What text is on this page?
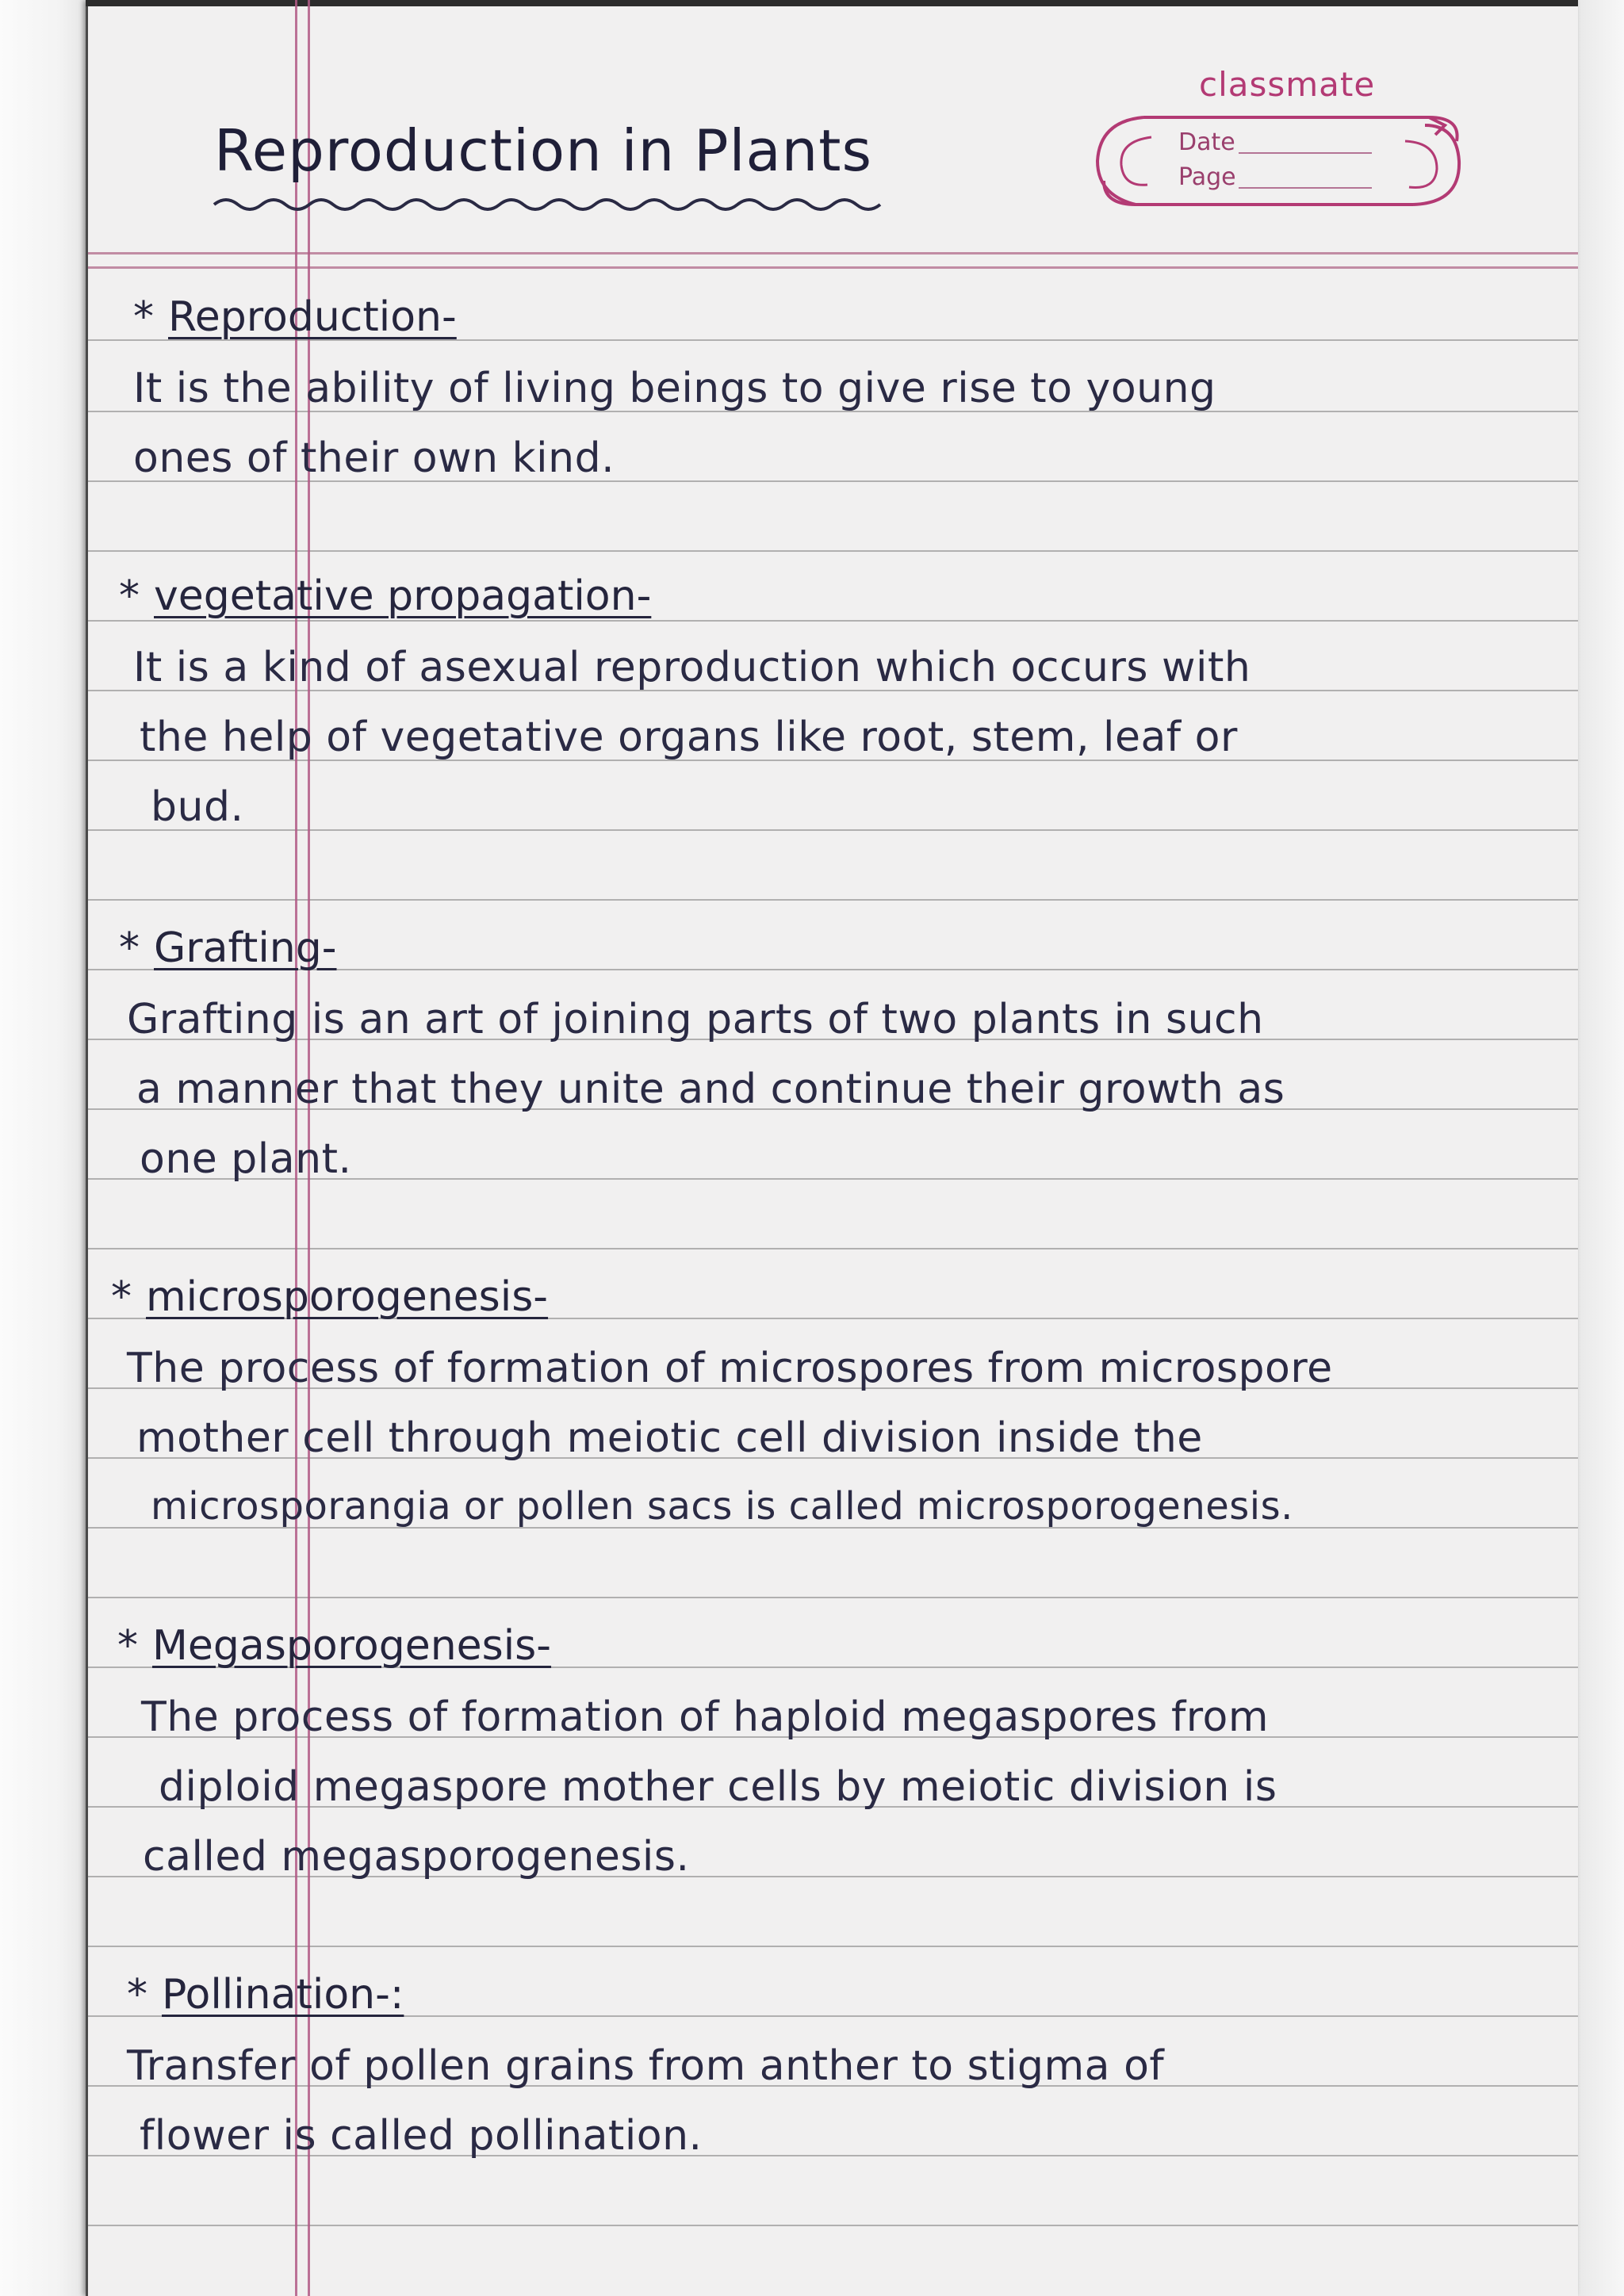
Reproduction in Plants
classmate
Date
Page
* Reproduction-
It is the ability of living beings to give rise to young
ones of their own kind.
* vegetative propagation-
It is a kind of asexual reproduction which occurs with
the help of vegetative organs like root, stem, leaf or
bud.
* Grafting-
Grafting is an art of joining parts of two plants in such
a manner that they unite and continue their growth as
one plant.
* microsporogenesis-
The process of formation of microspores from microspore
mother cell through meiotic cell division inside the
microsporangia or pollen sacs is called microsporogenesis.
* Megasporogenesis-
The process of formation of haploid megaspores from
diploid megaspore mother cells by meiotic division is
called megasporogenesis.
* Pollination-:
Transfer of pollen grains from anther to stigma of
flower is called pollination.
